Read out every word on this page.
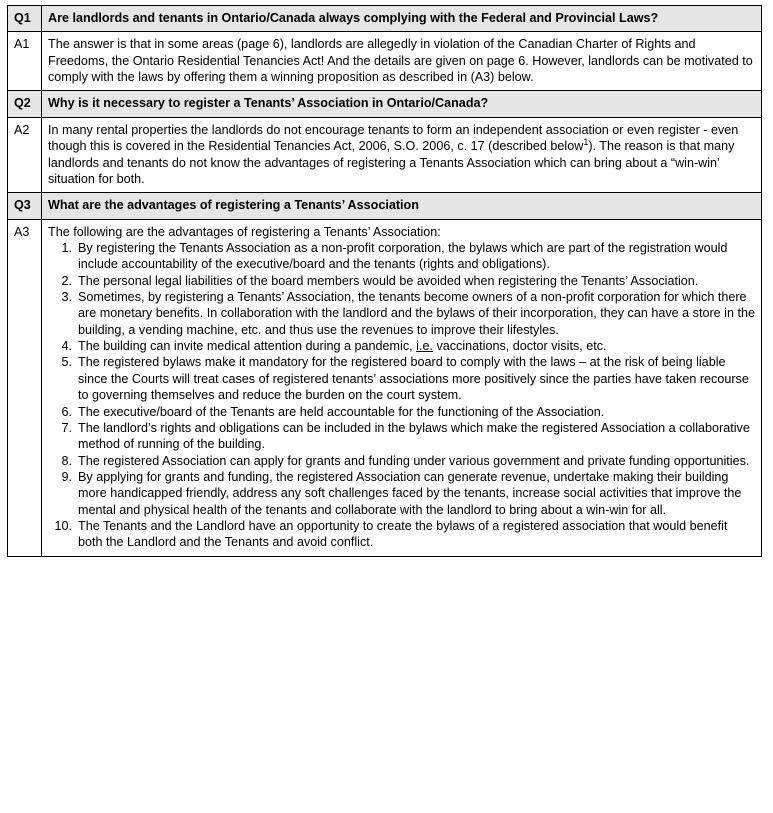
Q1	Are landlords and tenants in Ontario/Canada always complying with the Federal and Provincial Laws?
A1	The answer is that in some areas (page 6), landlords are allegedly in violation of the Canadian Charter of Rights and Freedoms, the Ontario Residential Tenancies Act! And the details are given on page 6. However, landlords can be motivated to comply with the laws by offering them a winning proposition as described in (A3) below.
Q2	Why is it necessary to register a Tenants’ Association in Ontario/Canada?
A2	In many rental properties the landlords do not encourage tenants to form an independent association or even register - even though this is covered in the Residential Tenancies Act, 2006, S.O. 2006, c. 17 (described below$^1$). The reason is that many landlords and tenants do not know the advantages of registering a Tenants Association which can bring about a “win-win’ situation for both.
Q3	What are the advantages of registering a Tenants’ Association
A3	The following are the advantages of registering a Tenants’ Association:
By registering the Tenants Association as a non-profit corporation, the bylaws which are part of the registration would include accountability of the executive/board and the tenants (rights and obligations).
The personal legal liabilities of the board members would be avoided when registering the Tenants’ Association.
Sometimes, by registering a Tenants’ Association, the tenants become owners of a non-profit corporation for which there are monetary benefits. In collaboration with the landlord and the bylaws of their incorporation, they can have a store in the building, a vending machine, etc. and thus use the revenues to improve their lifestyles.
The building can invite medical attention during a pandemic, i.e. vaccinations, doctor visits, etc.
The registered bylaws make it mandatory for the registered board to comply with the laws – at the risk of being liable since the Courts will treat cases of registered tenants’ associations more positively since the parties have taken recourse to governing themselves and reduce the burden on the court system.
The executive/board of the Tenants are held accountable for the functioning of the Association.
The landlord’s rights and obligations can be included in the bylaws which make the registered Association a collaborative method of running of the building.
The registered Association can apply for grants and funding under various government and private funding opportunities.
By applying for grants and funding, the registered Association can generate revenue, undertake making their building more handicapped friendly, address any soft challenges faced by the tenants, increase social activities that improve the mental and physical health of the tenants and collaborate with the landlord to bring about a win-win for all.
The Tenants and the Landlord have an opportunity to create the bylaws of a registered association that would benefit both the Landlord and the Tenants and avoid conflict.
